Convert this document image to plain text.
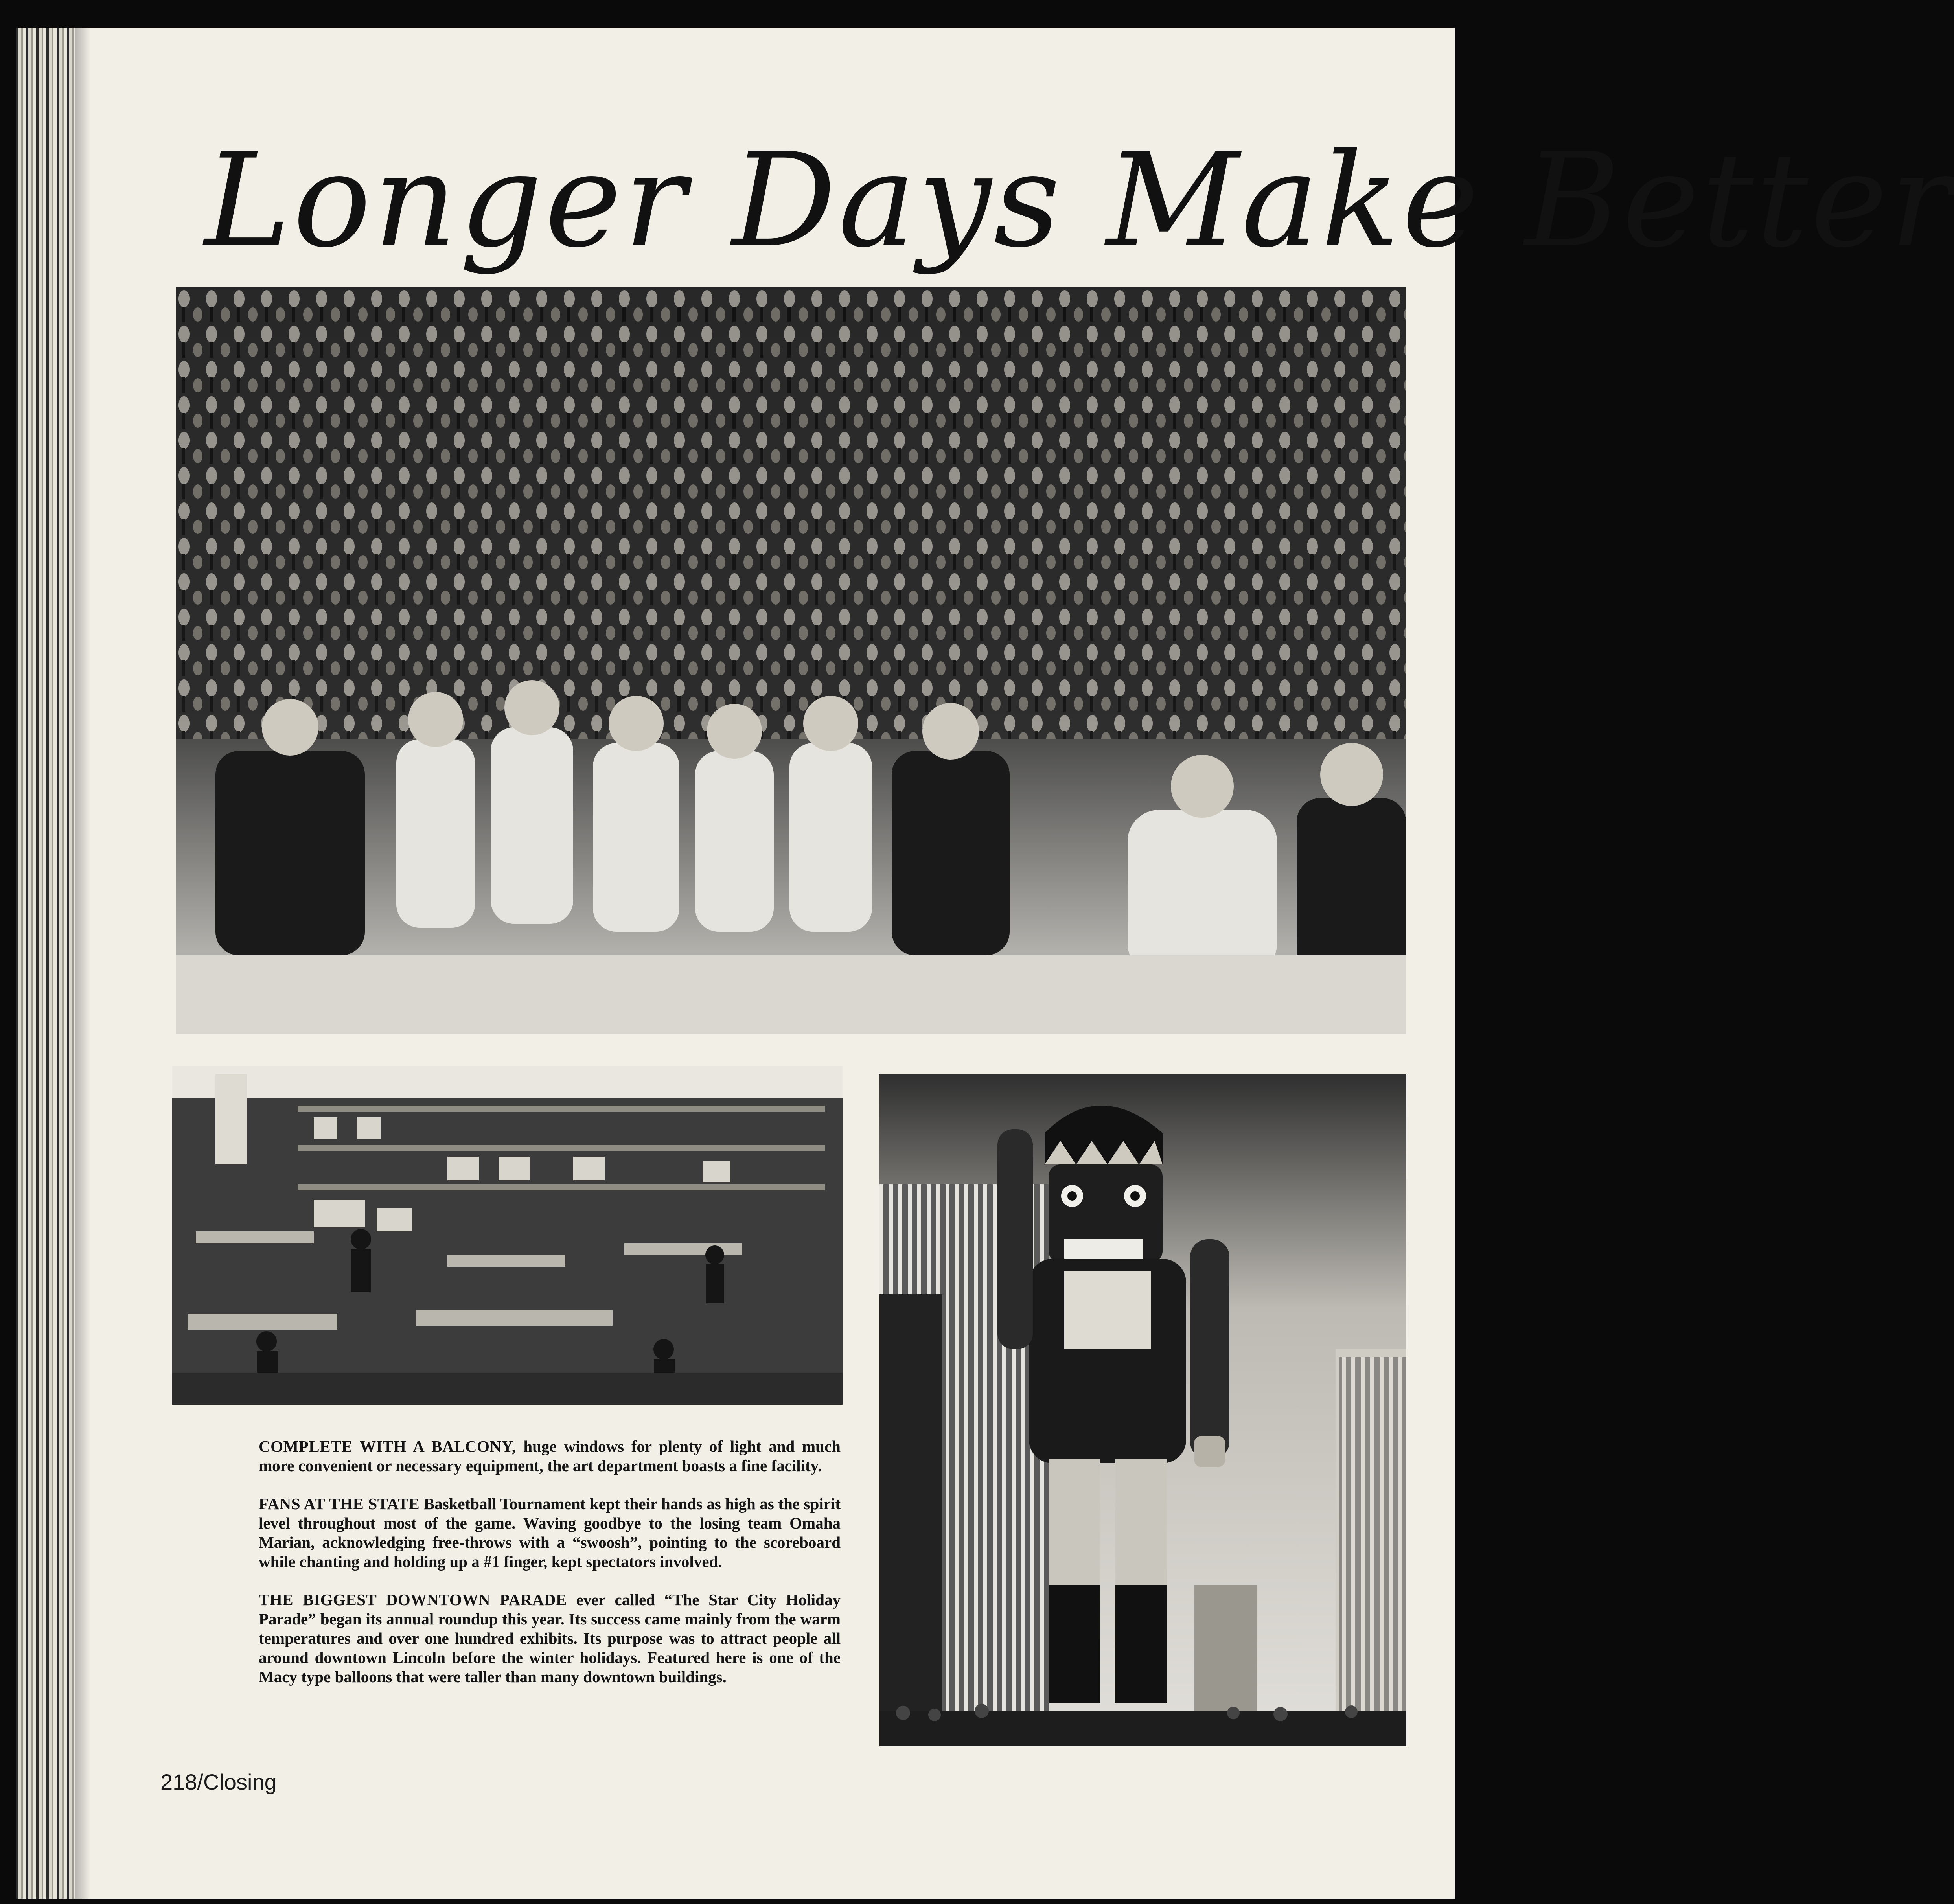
Longer Days Make Better

COMPLETE WITH A BALCONY, huge windows for plenty of light and much more convenient or necessary equipment, the art department boasts a fine facility.

FANS AT THE STATE Basketball Tournament kept their hands as high as the spirit level throughout most of the game. Waving goodbye to the losing team Omaha Marian, acknowledging free-throws with a “swoosh”, pointing to the scoreboard while chanting and holding up a #1 finger, kept spectators involved.

THE BIGGEST DOWNTOWN PARADE ever called “The Star City Holiday Parade” began its annual roundup this year. Its success came mainly from the warm temperatures and over one hundred exhibits. Its purpose was to attract people all around downtown Lincoln before the winter holidays. Featured here is one of the Macy type balloons that were taller than many downtown buildings.

218/Closing
